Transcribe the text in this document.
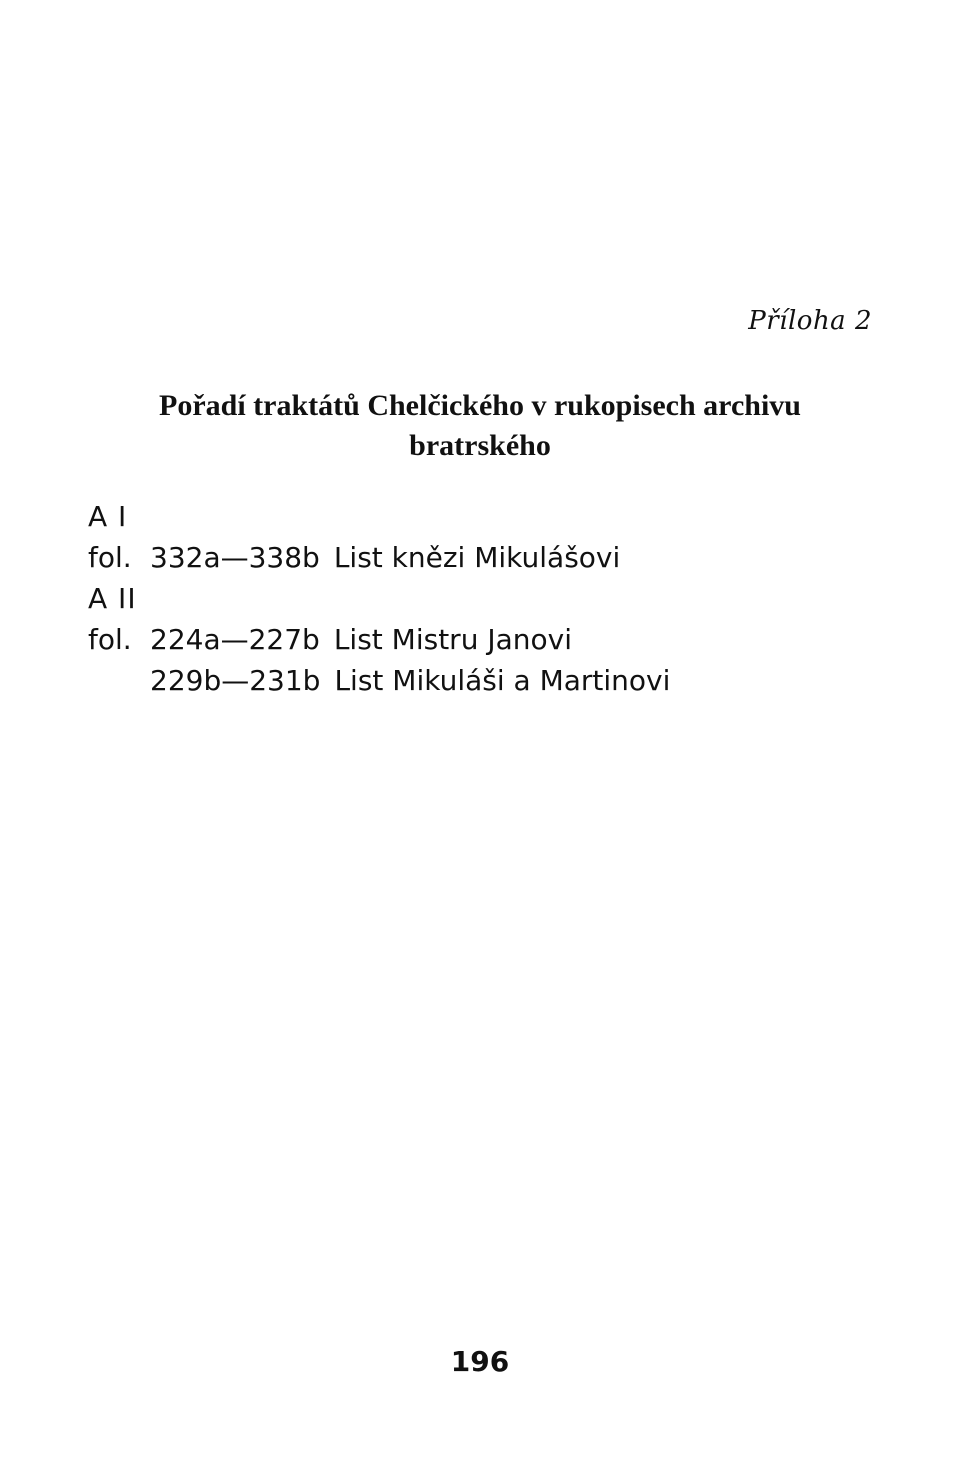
Příloha 2
Pořadí traktátů Chelčického v rukopisech archivu
bratrského
A I
fol. 332a—338b List knězi Mikulášovi
A II
fol. 224a—227b List Mistru Janovi
229b—231b List Mikuláši a Martinovi
196
